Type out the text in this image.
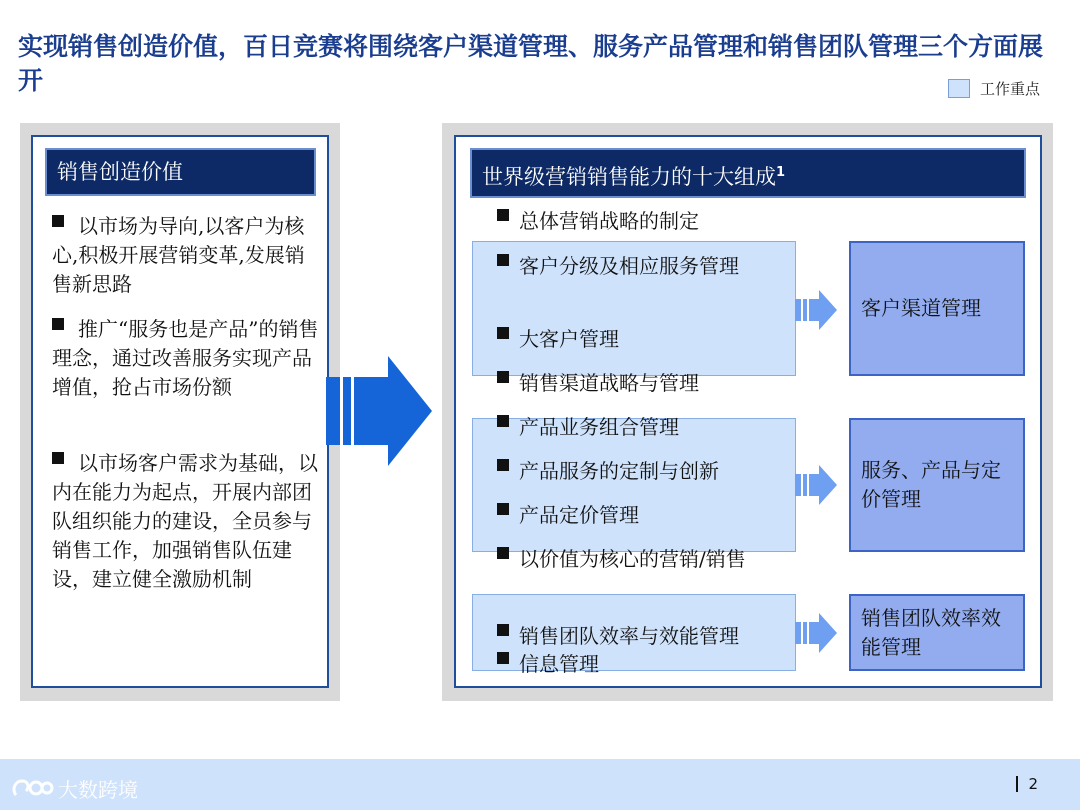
实现销售创造价值，百日竞赛将围绕客户渠道管理、服务产品管理和销售团队管理三个方面展开	工作重点
销售创造价值
以市场为导向,以客户为核心,积极开展营销变革,发展销售新思路
推广“服务也是产品”的销售理念，通过改善服务实现产品增值，抢占市场份额
以市场客户需求为基础，以内在能力为起点，开展内部团队组织能力的建设，全员参与销售工作，加强销售队伍建设，建立健全激励机制
世界级营销销售能力的十大组成$^1$
总体营销战略的制定
客户分级及相应服务管理
大客户管理
销售渠道战略与管理
产品业务组合管理
产品服务的定制与创新
产品定价管理
以价值为核心的营销/销售
销售团队效率与效能管理
信息管理
客户渠道管理
服务、产品与定价管理
销售团队效率效能管理
大数跨境	2
